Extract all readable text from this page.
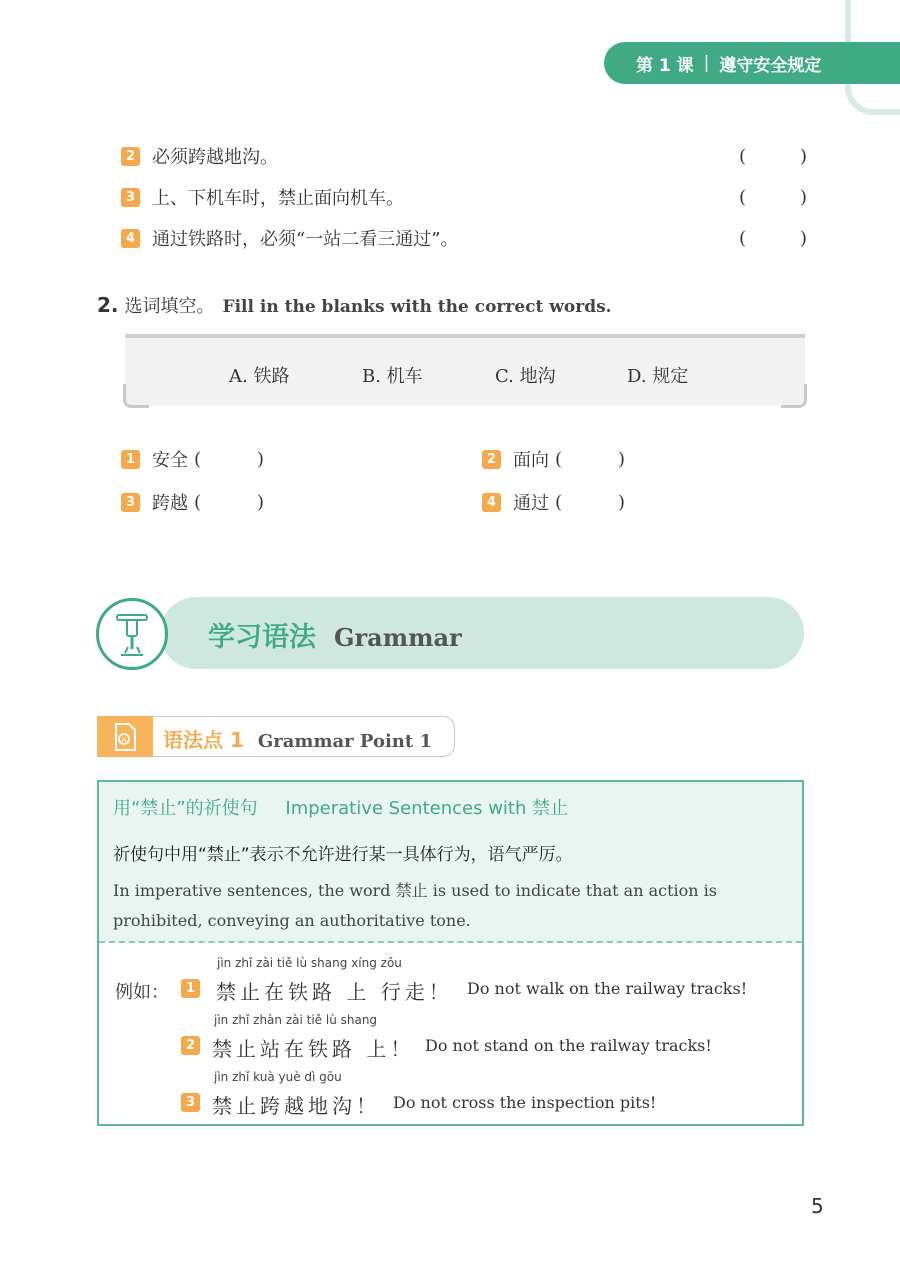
第 1 课 | 遵守安全规定
2 必须跨越地沟。	(	)
3 上、下机车时，禁止面向机车。	(	)
4 通过铁路时，必须“一站二看三通过”。	(	)
2. 选词填空。 Fill in the blanks with the correct words.
A. 铁路	B. 机车	C. 地沟	D. 规定
1 安全 (	)	2 面向 (	)
3 跨越 (	)	4 通过 (	)
学习语法 Grammar
A 语法点 1 Grammar Point 1
用“禁止”的祈使句 Imperative Sentences with 禁止
祈使句中用“禁止”表示不允许进行某一具体行为，语气严厉。
In imperative sentences, the word 禁止 is used to indicate that an action is prohibited, conveying an authoritative tone.
例如：	1
jìn zhǐ zài tiě lù shang xíng zǒu
禁止在铁路 上 行走！ Do not walk on the railway tracks!
2
jìn zhǐ zhàn zài tiě lù shang
禁止站在铁路 上！ Do not stand on the railway tracks!
3
jìn zhǐ kuà yuè dì gōu
禁止跨越地沟！ Do not cross the inspection pits!
5
